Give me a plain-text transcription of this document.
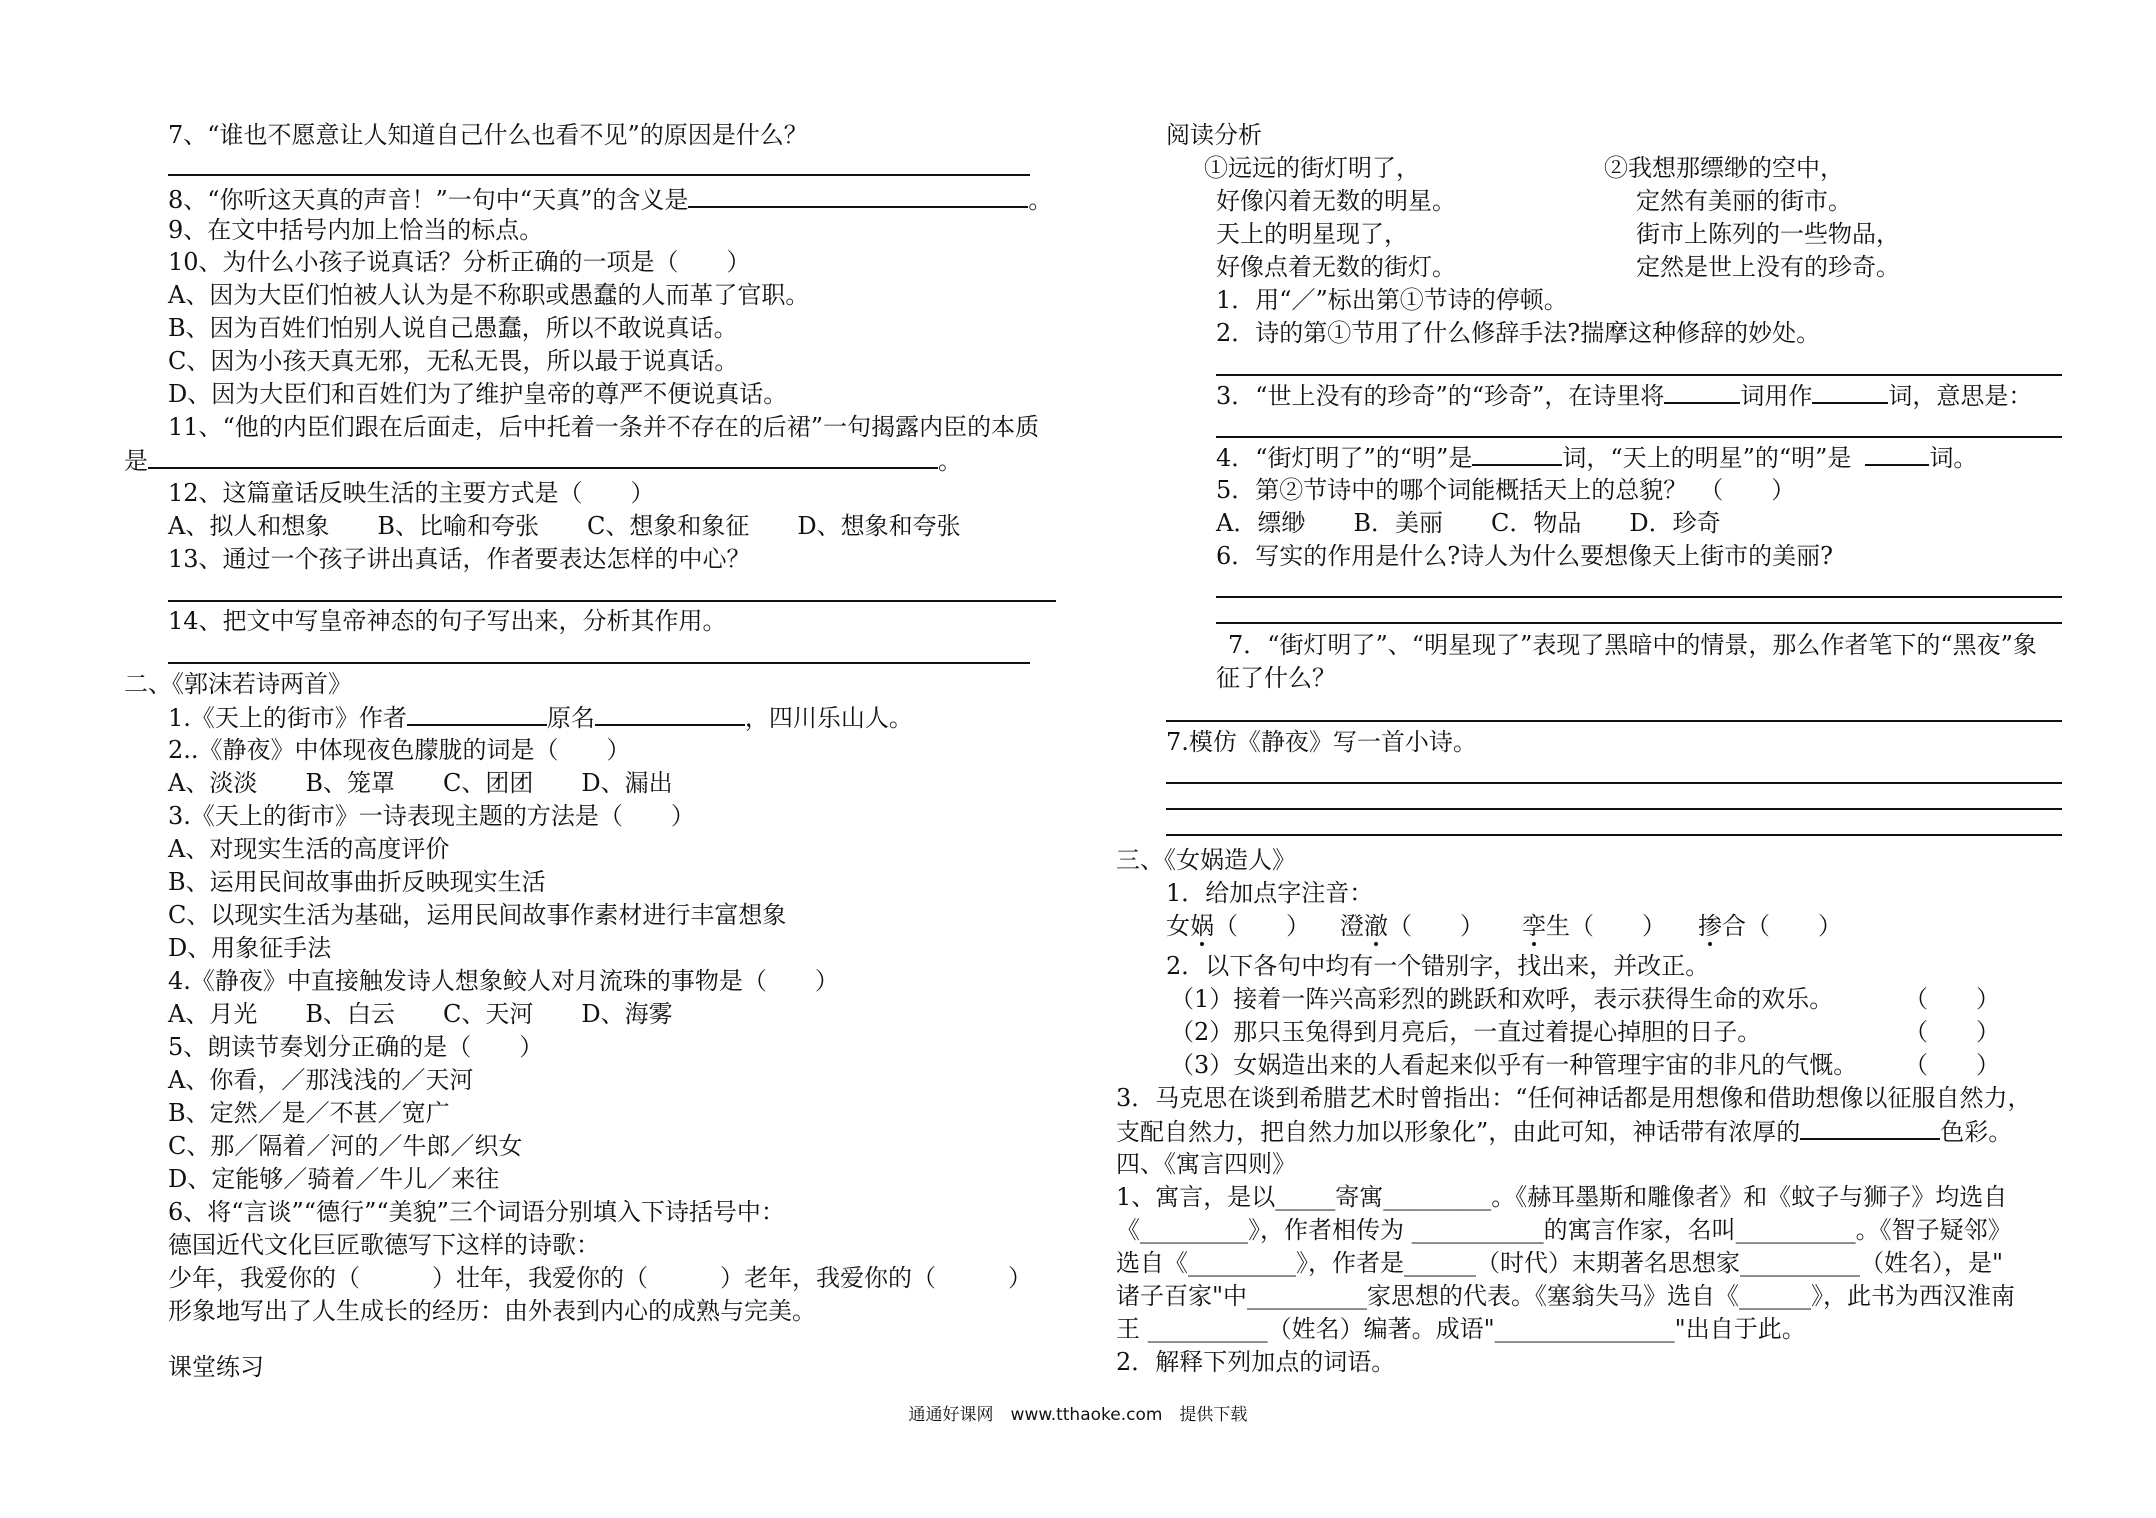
7、“谁也不愿意让人知道自己什么也看不见”的原因是什么？
8、“你听这天真的声音！”一句中“天真”的含义是	。
9、在文中括号内加上恰当的标点。
10、为什么小孩子说真话？分析正确的一项是（　　）
A、因为大臣们怕被人认为是不称职或愚蠢的人而革了官职。
B、因为百姓们怕别人说自己愚蠢，所以不敢说真话。
C、因为小孩天真无邪，无私无畏，所以最于说真话。
D、因为大臣们和百姓们为了维护皇帝的尊严不便说真话。
11、“他的内臣们跟在后面走，后中托着一条并不存在的后裙”一句揭露内臣的本质
是	。
12、这篇童话反映生活的主要方式是（　　）
A、拟人和想象　　B、比喻和夸张　　C、想象和象征　　D、想象和夸张
13、通过一个孩子讲出真话，作者要表达怎样的中心？
14、把文中写皇帝神态的句子写出来，分析其作用。
二、《郭沫若诗两首》
1.《天上的街市》作者	原名	，四川乐山人。
2..《静夜》中体现夜色朦胧的词是（　　）
A、淡淡　　B、笼罩　　C、团团　　D、漏出
3.《天上的街市》一诗表现主题的方法是（　　）
A、对现实生活的高度评价
B、运用民间故事曲折反映现实生活
C、以现实生活为基础，运用民间故事作素材进行丰富想象
D、用象征手法
4.《静夜》中直接触发诗人想象鲛人对月流珠的事物是（　　）
A、月光　　B、白云　　C、天河　　D、海雾
5、朗读节奏划分正确的是（　　）
A、你看，／那浅浅的／天河
B、定然／是／不甚／宽广
C、那／隔着／河的／牛郎／织女
D、定能够／骑着／牛儿／来往
6、将“言谈”“德行”“美貌”三个词语分别填入下诗括号中：
德国近代文化巨匠歌德写下这样的诗歌：
少年，我爱你的（　　　）壮年，我爱你的（　　　）老年，我爱你的（　　　）
形象地写出了人生成长的经历：由外表到内心的成熟与完美。
课堂练习
阅读分析
①远远的街灯明了，
好像闪着无数的明星。
天上的明星现了，
好像点着无数的街灯。
②我想那缥缈的空中，
定然有美丽的街市。
街市上陈列的一些物品，
定然是世上没有的珍奇。
1．用“／”标出第①节诗的停顿。
2．诗的第①节用了什么修辞手法?揣摩这种修辞的妙处。
3．“世上没有的珍奇”的“珍奇”，在诗里将	词用作	词，意思是：
4．“街灯明了”的“明”是	词，“天上的明星”的“明”是	词。
5．第②节诗中的哪个词能概括天上的总貌？　（　　）
A．缥缈　　B．美丽　　C．物品　　D．珍奇
6．写实的作用是什么?诗人为什么要想像天上街市的美丽?
7．“街灯明了”、“明星现了”表现了黑暗中的情景，那么作者笔下的“黑夜”象
征了什么？
7.模仿《静夜》写一首小诗。
三、《女娲造人》
1．给加点字注音：
女娲（　　） 澄澈（　　） 孪生（　　） 掺合（　　）
2．以下各句中均有一个错别字，找出来，并改正。
（1）接着一阵兴高彩烈的跳跃和欢呼，表示获得生命的欢乐。	（　　）
（2）那只玉兔得到月亮后，一直过着提心掉胆的日子。	（　　）
（3）女娲造出来的人看起来似乎有一种管理宇宙的非凡的气慨。 （　　）
3．马克思在谈到希腊艺术时曾指出：“任何神话都是用想像和借助想像以征服自然力，
支配自然力，把自然力加以形象化”，由此可知，神话带有浓厚的	色彩。
四、《寓言四则》
1、寓言，是以_____寄寓_________。《赫耳墨斯和雕像者》和《蚊子与狮子》均选自
《_________》，作者相传为 ___________的寓言作家，名叫__________。《智子疑邻》
选自《_________》，作者是______（时代）末期著名思想家__________（姓名），是"
诸子百家"中__________家思想的代表。《塞翁失马》选自《______》，此书为西汉淮南
王 __________（姓名）编著。成语"_______________"出自于此。
2．解释下列加点的词语。
通通好课网　www.tthaoke.com　提供下载
